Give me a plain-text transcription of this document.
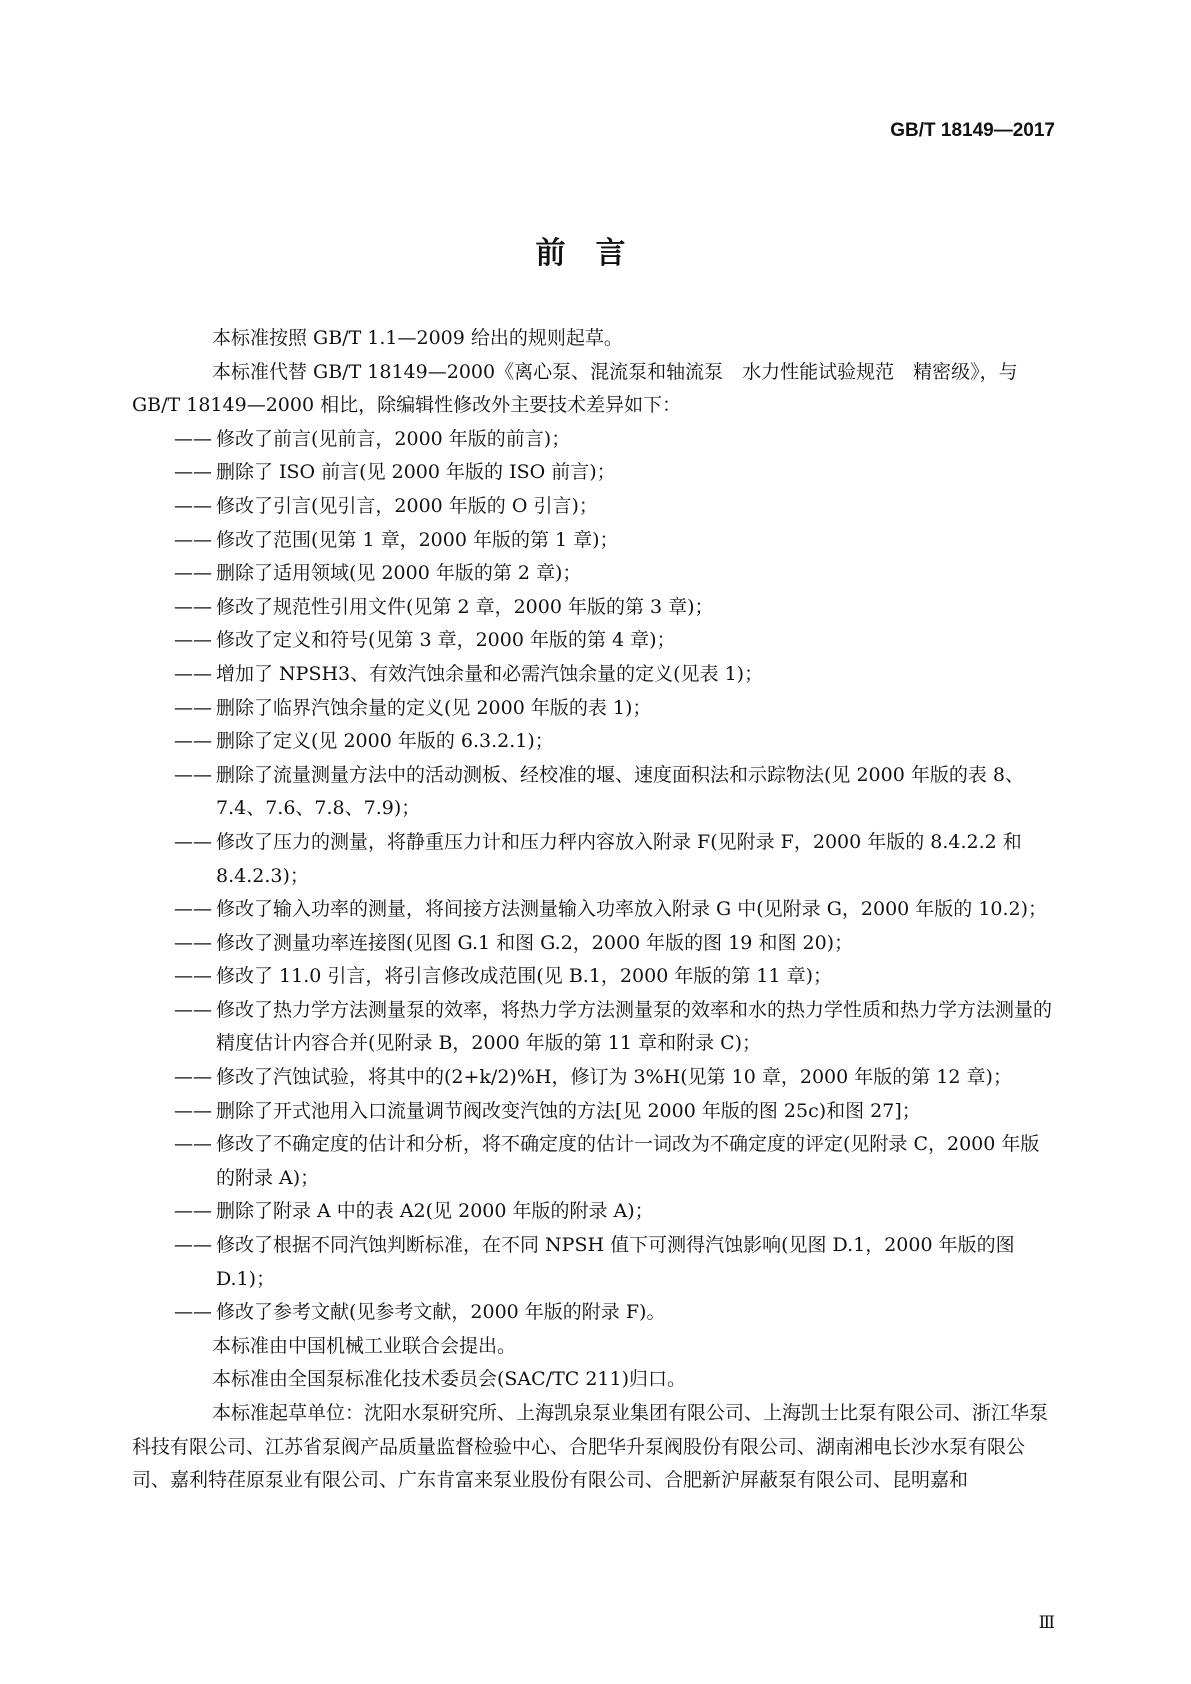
GB/T 18149—2017
前言

本标准按照 GB/T 1.1—2009 给出的规则起草。

本标准代替 GB/T 18149—2000《离心泵、混流泵和轴流泵　水力性能试验规范　精密级》，与 GB/T 18149—2000 相比，除编辑性修改外主要技术差异如下：

—— 修改了前言(见前言，2000 年版的前言)；

—— 删除了 ISO 前言(见 2000 年版的 ISO 前言)；

—— 修改了引言(见引言，2000 年版的 O 引言)；

—— 修改了范围(见第 1 章，2000 年版的第 1 章)；

—— 删除了适用领域(见 2000 年版的第 2 章)；

—— 修改了规范性引用文件(见第 2 章，2000 年版的第 3 章)；

—— 修改了定义和符号(见第 3 章，2000 年版的第 4 章)；

—— 增加了 NPSH3、有效汽蚀余量和必需汽蚀余量的定义(见表 1)；

—— 删除了临界汽蚀余量的定义(见 2000 年版的表 1)；

—— 删除了定义(见 2000 年版的 6.3.2.1)；

—— 删除了流量测量方法中的活动测板、经校准的堰、速度面积法和示踪物法(见 2000 年版的表 8、7.4、7.6、7.8、7.9)；

—— 修改了压力的测量，将静重压力计和压力秤内容放入附录 F(见附录 F，2000 年版的 8.4.2.2 和 8.4.2.3)；

—— 修改了输入功率的测量，将间接方法测量输入功率放入附录 G 中(见附录 G，2000 年版的 10.2)；

—— 修改了测量功率连接图(见图 G.1 和图 G.2，2000 年版的图 19 和图 20)；

—— 修改了 11.0 引言，将引言修改成范围(见 B.1，2000 年版的第 11 章)；

—— 修改了热力学方法测量泵的效率，将热力学方法测量泵的效率和水的热力学性质和热力学方法测量的精度估计内容合并(见附录 B，2000 年版的第 11 章和附录 C)；

—— 修改了汽蚀试验，将其中的(2+k/2)%H，修订为 3%H(见第 10 章，2000 年版的第 12 章)；

—— 删除了开式池用入口流量调节阀改变汽蚀的方法[见 2000 年版的图 25c)和图 27]；

—— 修改了不确定度的估计和分析，将不确定度的估计一词改为不确定度的评定(见附录 C，2000 年版的附录 A)；

—— 删除了附录 A 中的表 A2(见 2000 年版的附录 A)；

—— 修改了根据不同汽蚀判断标准，在不同 NPSH 值下可测得汽蚀影响(见图 D.1，2000 年版的图 D.1)；

—— 修改了参考文献(见参考文献，2000 年版的附录 F)。

本标准由中国机械工业联合会提出。

本标准由全国泵标准化技术委员会(SAC/TC 211)归口。

本标准起草单位：沈阳水泵研究所、上海凯泉泵业集团有限公司、上海凯士比泵有限公司、浙江华泵科技有限公司、江苏省泵阀产品质量监督检验中心、合肥华升泵阀股份有限公司、湖南湘电长沙水泵有限公司、嘉利特荏原泵业有限公司、广东肯富来泵业股份有限公司、合肥新沪屏蔽泵有限公司、昆明嘉和

Ⅲ
